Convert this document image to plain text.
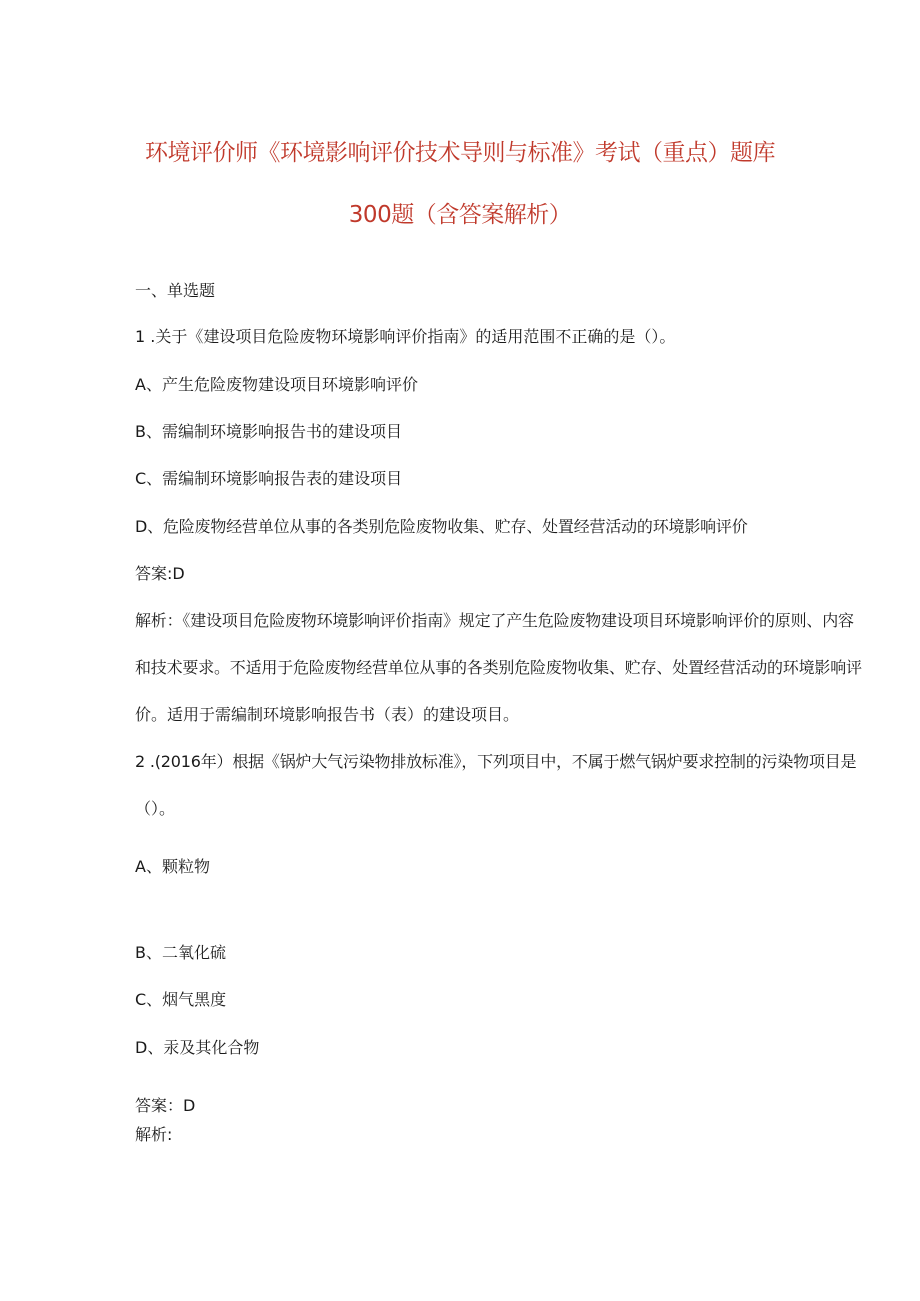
环境评价师《环境影响评价技术导则与标准》考试（重点）题库
300题（含答案解析）
一、单选题
1 .关于《建设项目危险废物环境影响评价指南》的适用范围不正确的是（）。
A、产生危险废物建设项目环境影响评价
B、需编制环境影响报告书的建设项目
C、需编制环境影响报告表的建设项目
D、危险废物经营单位从事的各类别危险废物收集、贮存、处置经营活动的环境影响评价
答案:D
解析：《建设项目危险废物环境影响评价指南》规定了产生危险废物建设项目环境影响评价的原则、内容
和技术要求。不适用于危险废物经营单位从事的各类别危险废物收集、贮存、处置经营活动的环境影响评
价。适用于需编制环境影响报告书（表）的建设项目。
2 .(2016年）根据《锅炉大气污染物排放标准》，下列项目中，不属于燃气锅炉要求控制的污染物项目是
（）。
A、颗粒物
B、二氧化硫
C、烟气黑度
D、汞及其化合物
答案：D
解析:
